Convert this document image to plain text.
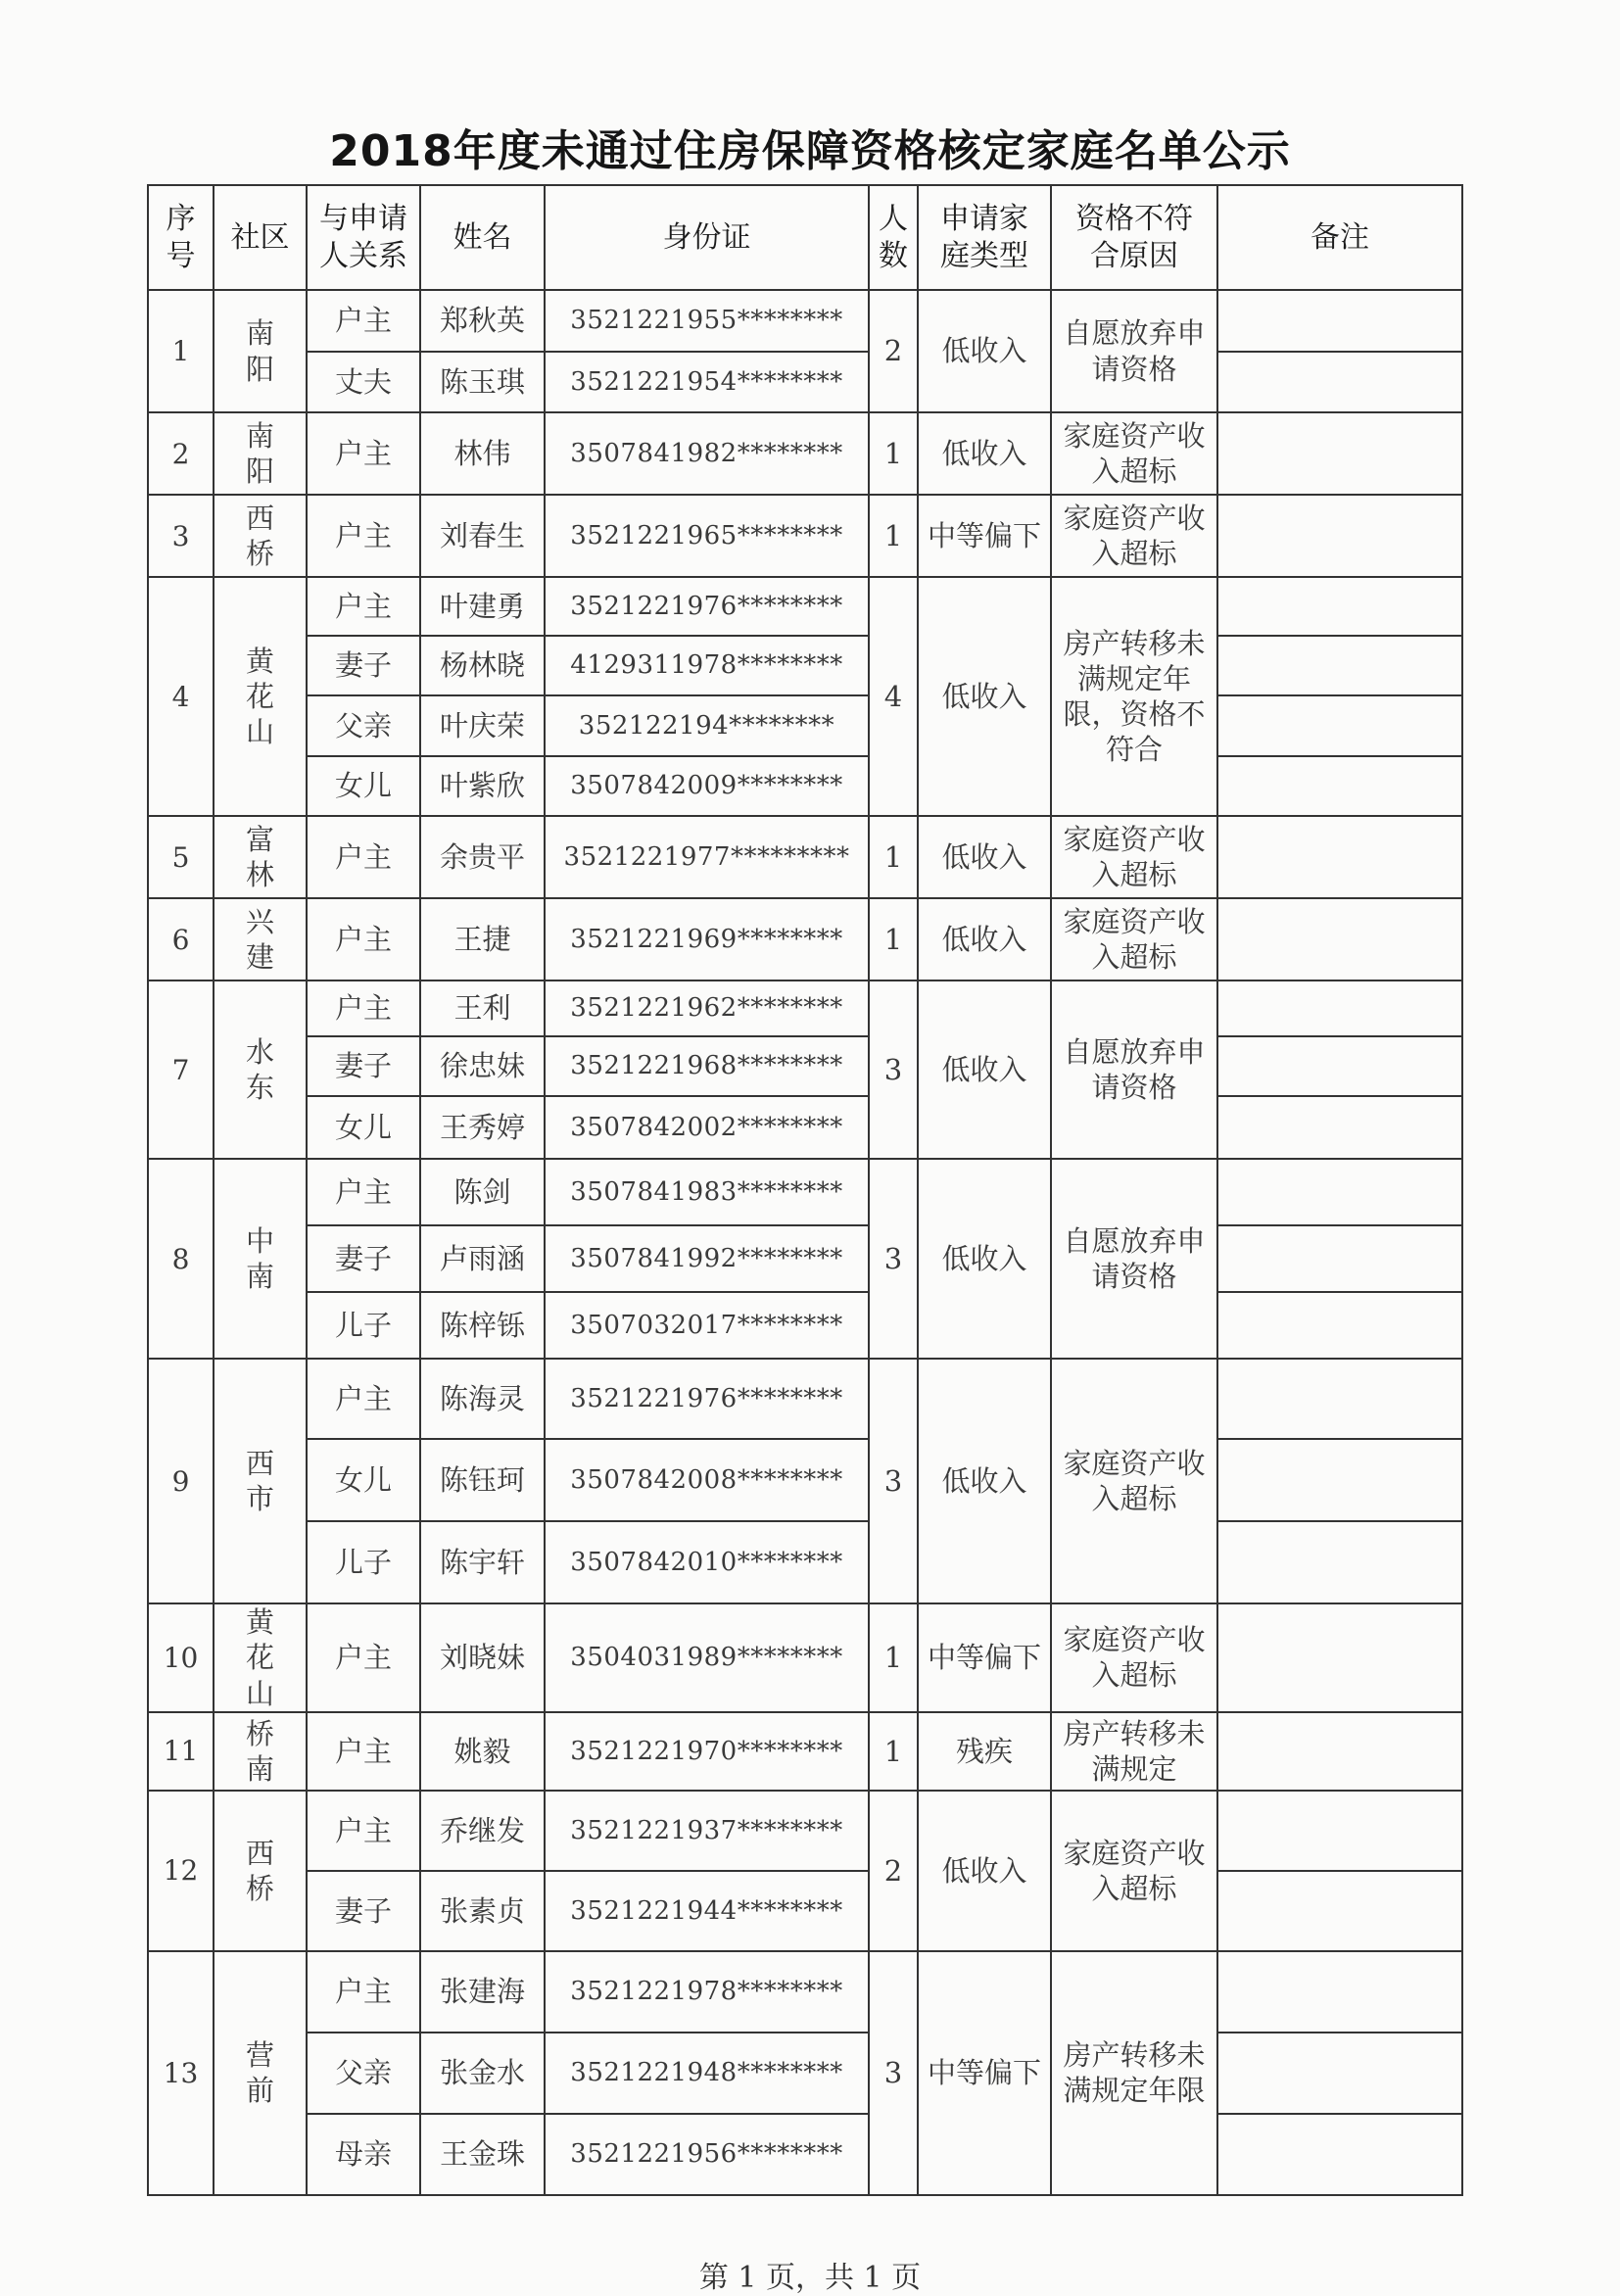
2018年度未通过住房保障资格核定家庭名单公示
序号	社区	与申请人关系	姓名	身份证	人数	申请家庭类型	资格不符合原因	备注
1	南阳	户主	郑秋英	3521221955********	2	低收入	自愿放弃申请资格	
		丈夫	陈玉琪	3521221954********				
2	南阳	户主	林伟	3507841982********	1	低收入	家庭资产收入超标	
3	西桥	户主	刘春生	3521221965********	1	中等偏下	家庭资产收入超标	
4	黄花山	户主	叶建勇	3521221976********	4	低收入	房产转移未满规定年限，资格不符合	
		妻子	杨林晓	4129311978********				
		父亲	叶庆荣	352122194********				
		女儿	叶紫欣	3507842009********				
5	富林	户主	余贵平	3521221977*********	1	低收入	家庭资产收入超标	
6	兴建	户主	王捷	3521221969********	1	低收入	家庭资产收入超标	
7	水东	户主	王利	3521221962********	3	低收入	自愿放弃申请资格	
		妻子	徐忠妹	3521221968********				
		女儿	王秀婷	3507842002********				
8	中南	户主	陈剑	3507841983********	3	低收入	自愿放弃申请资格	
		妻子	卢雨涵	3507841992********				
		儿子	陈梓铄	3507032017********				
9	西市	户主	陈海灵	3521221976********	3	低收入	家庭资产收入超标	
		女儿	陈钰珂	3507842008********				
		儿子	陈宇轩	3507842010********				
10	黄花山	户主	刘晓妹	3504031989********	1	中等偏下	家庭资产收入超标	
11	桥南	户主	姚毅	3521221970********	1	残疾	房产转移未满规定	
12	西桥	户主	乔继发	3521221937********	2	低收入	家庭资产收入超标	
		妻子	张素贞	3521221944********				
13	营前	户主	张建海	3521221978********	3	中等偏下	房产转移未满规定年限	
		父亲	张金水	3521221948********				
		母亲	王金珠	3521221956********				
第 1 页，共 1 页
